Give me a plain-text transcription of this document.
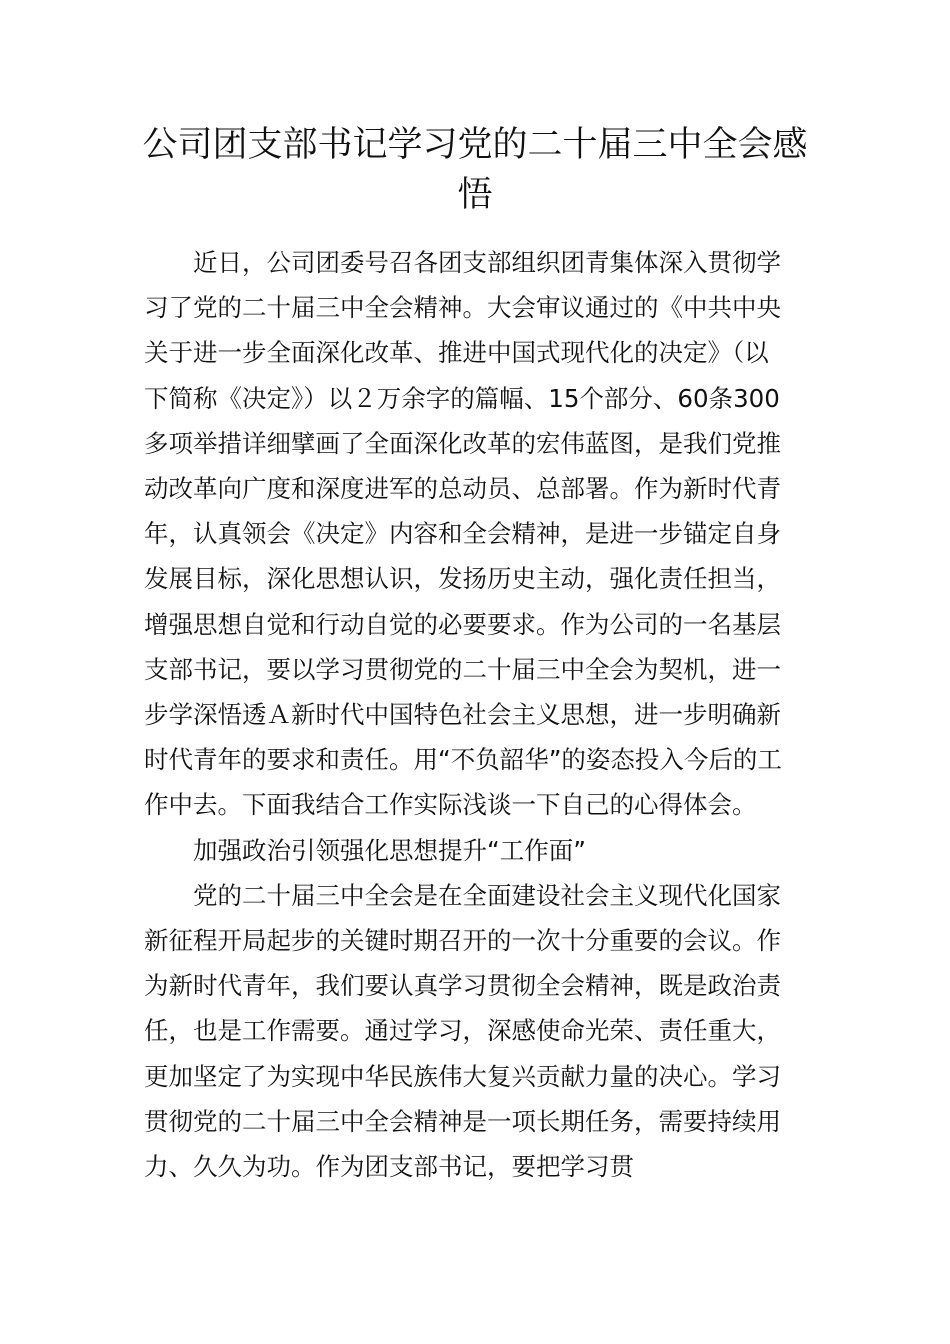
公司团支部书记学习党的二十届三中全会感悟

近日，公司团委号召各团支部组织团青集体深入贯彻学习了党的二十届三中全会精神。大会审议通过的《中共中央关于进一步全面深化改革、推进中国式现代化的决定》（以下简称《决定》）以２万余字的篇幅、15个部分、60条300多项举措详细擘画了全面深化改革的宏伟蓝图，是我们党推动改革向广度和深度进军的总动员、总部署。作为新时代青年，认真领会《决定》内容和全会精神，是进一步锚定自身发展目标，深化思想认识，发扬历史主动，强化责任担当，增强思想自觉和行动自觉的必要要求。作为公司的一名基层支部书记，要以学习贯彻党的二十届三中全会为契机，进一步学深悟透Ａ新时代中国特色社会主义思想，进一步明确新时代青年的要求和责任。用“不负韶华”的姿态投入今后的工作中去。下面我结合工作实际浅谈一下自己的心得体会。

加强政治引领强化思想提升“工作面”

党的二十届三中全会是在全面建设社会主义现代化国家新征程开局起步的关键时期召开的一次十分重要的会议。作为新时代青年，我们要认真学习贯彻全会精神，既是政治责任，也是工作需要。通过学习，深感使命光荣、责任重大，更加坚定了为实现中华民族伟大复兴贡献力量的决心。学习贯彻党的二十届三中全会精神是一项长期任务，需要持续用力、久久为功。作为团支部书记，要把学习贯
